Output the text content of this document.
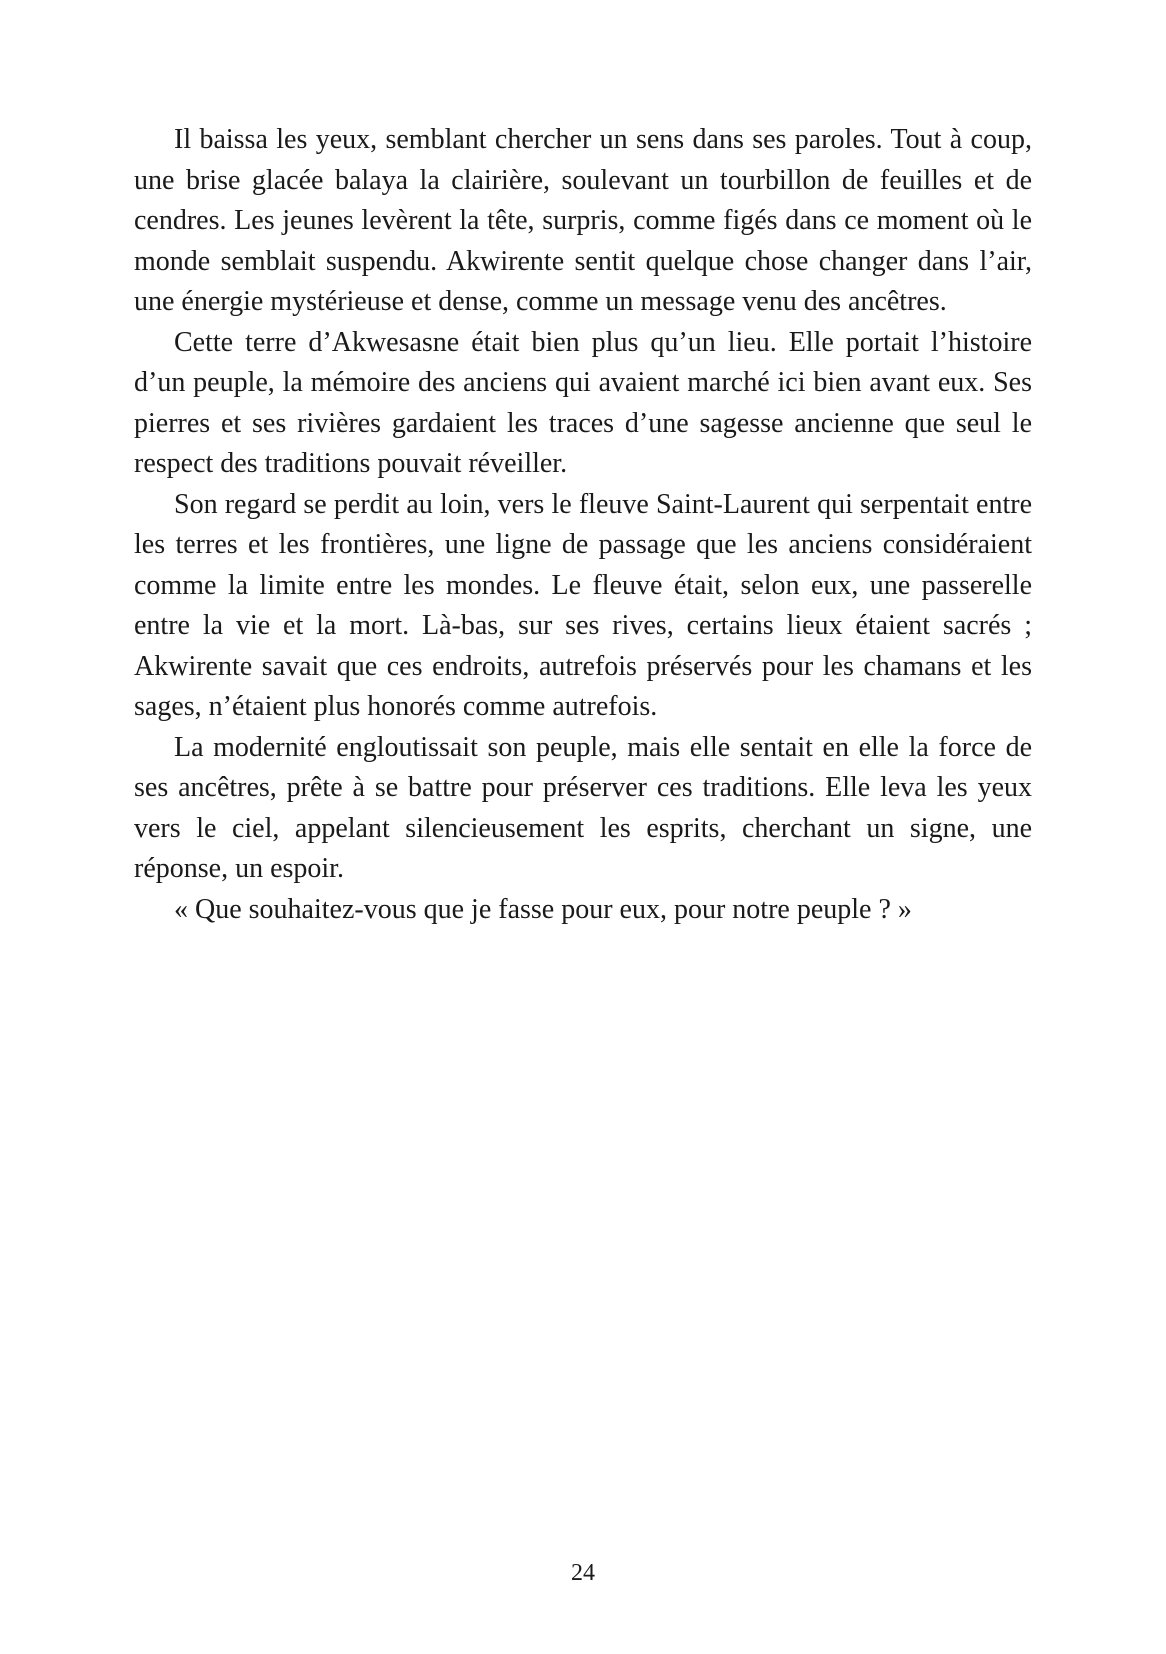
Il baissa les yeux, semblant chercher un sens dans ses paroles. Tout à coup, une brise glacée balaya la clairière, soulevant un tourbillon de feuilles et de cendres. Les jeunes levèrent la tête, surpris, comme figés dans ce moment où le monde semblait suspendu. Akwirente sentit quelque chose changer dans l’air, une énergie mystérieuse et dense, comme un message venu des ancêtres.

Cette terre d’Akwesasne était bien plus qu’un lieu. Elle portait l’histoire d’un peuple, la mémoire des anciens qui avaient marché ici bien avant eux. Ses pierres et ses rivières gardaient les traces d’une sagesse ancienne que seul le respect des traditions pouvait réveiller.

Son regard se perdit au loin, vers le fleuve Saint-Laurent qui serpentait entre les terres et les frontières, une ligne de passage que les anciens considéraient comme la limite entre les mondes. Le fleuve était, selon eux, une passerelle entre la vie et la mort. Là-bas, sur ses rives, certains lieux étaient sacrés ; Akwirente savait que ces endroits, autrefois préservés pour les chamans et les sages, n’étaient plus honorés comme autrefois.

La modernité engloutissait son peuple, mais elle sentait en elle la force de ses ancêtres, prête à se battre pour préserver ces traditions. Elle leva les yeux vers le ciel, appelant silencieusement les esprits, cherchant un signe, une réponse, un espoir.

« Que souhaitez-vous que je fasse pour eux, pour notre peuple ? »

24
